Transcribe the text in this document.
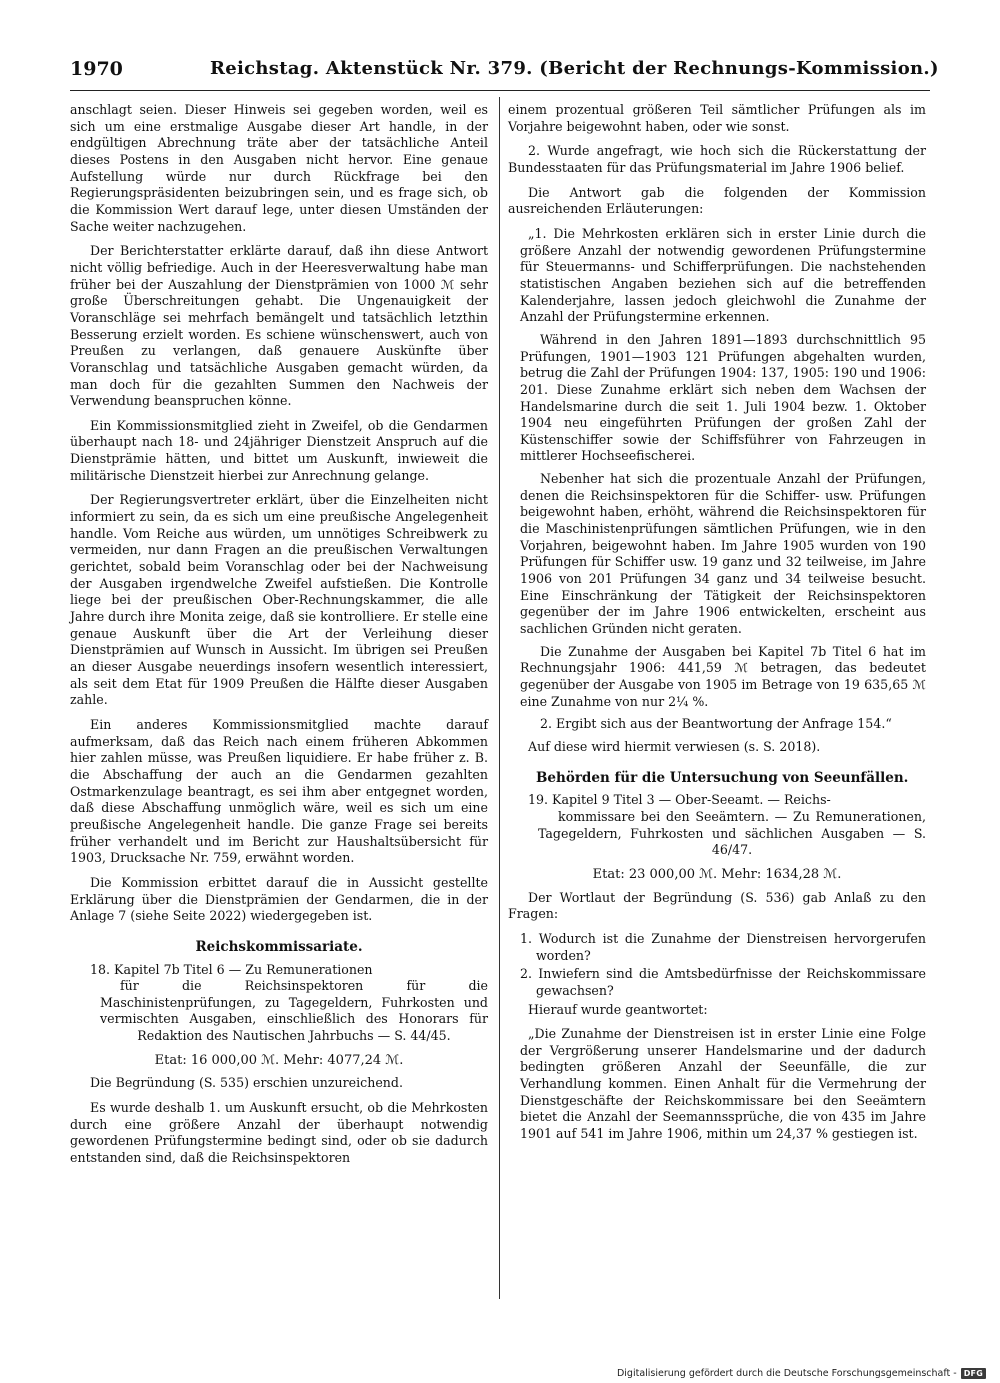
1970	Reichstag. Aktenstück Nr. 379. (Bericht der Rechnungs-Kommission.)

anschlagt seien. Dieser Hinweis sei gegeben worden, weil es sich um eine erstmalige Ausgabe dieser Art handle, in der endgültigen Abrechnung träte aber der tatsächliche Anteil dieses Postens in den Ausgaben nicht hervor. Eine genaue Aufstellung würde nur durch Rückfrage bei den Regierungspräsidenten beizubringen sein, und es frage sich, ob die Kommission Wert darauf lege, unter diesen Umständen der Sache weiter nachzugehen.

Der Berichterstatter erklärte darauf, daß ihn diese Antwort nicht völlig befriedige. Auch in der Heeresverwaltung habe man früher bei der Auszahlung der Dienstprämien von 1000 ℳ sehr große Überschreitungen gehabt. Die Ungenauigkeit der Voranschläge sei mehrfach bemängelt und tatsächlich letzthin Besserung erzielt worden. Es schiene wünschenswert, auch von Preußen zu verlangen, daß genauere Auskünfte über Voranschlag und tatsächliche Ausgaben gemacht würden, da man doch für die gezahlten Summen den Nachweis der Verwendung beanspruchen könne.

Ein Kommissionsmitglied zieht in Zweifel, ob die Gendarmen überhaupt nach 18- und 24jähriger Dienstzeit Anspruch auf die Dienstprämie hätten, und bittet um Auskunft, inwieweit die militärische Dienstzeit hierbei zur Anrechnung gelange.

Der Regierungsvertreter erklärt, über die Einzelheiten nicht informiert zu sein, da es sich um eine preußische Angelegenheit handle. Vom Reiche aus würden, um unnötiges Schreibwerk zu vermeiden, nur dann Fragen an die preußischen Verwaltungen gerichtet, sobald beim Voranschlag oder bei der Nachweisung der Ausgaben irgendwelche Zweifel aufstießen. Die Kontrolle liege bei der preußischen Ober-Rechnungskammer, die alle Jahre durch ihre Monita zeige, daß sie kontrolliere. Er stelle eine genaue Auskunft über die Art der Verleihung dieser Dienstprämien auf Wunsch in Aussicht. Im übrigen sei Preußen an dieser Ausgabe neuerdings insofern wesentlich interessiert, als seit dem Etat für 1909 Preußen die Hälfte dieser Ausgaben zahle.

Ein anderes Kommissionsmitglied machte darauf aufmerksam, daß das Reich nach einem früheren Abkommen hier zahlen müsse, was Preußen liquidiere. Er habe früher z. B. die Abschaffung der auch an die Gendarmen gezahlten Ostmarkenzulage beantragt, es sei ihm aber entgegnet worden, daß diese Abschaffung unmöglich wäre, weil es sich um eine preußische Angelegenheit handle. Die ganze Frage sei bereits früher verhandelt und im Bericht zur Haushaltsübersicht für 1903, Drucksache Nr. 759, erwähnt worden.

Die Kommission erbittet darauf die in Aussicht gestellte Erklärung über die Dienstprämien der Gendarmen, die in der Anlage 7 (siehe Seite 2022) wiedergegeben ist.

Reichskommissariate.

18. Kapitel 7b Titel 6 — Zu Remunerationen
für die Reichsinspektoren für die Maschinistenprüfungen, zu Tagegeldern, Fuhrkosten und vermischten Ausgaben, einschließlich des Honorars für Redaktion des Nautischen Jahrbuchs — S. 44/45.

Etat: 16 000,00 ℳ. Mehr: 4077,24 ℳ.

Die Begründung (S. 535) erschien unzureichend.

Es wurde deshalb 1. um Auskunft ersucht, ob die Mehrkosten durch eine größere Anzahl der überhaupt notwendig gewordenen Prüfungstermine bedingt sind, oder ob sie dadurch entstanden sind, daß die Reichsinspektoren

einem prozentual größeren Teil sämtlicher Prüfungen als im Vorjahre beigewohnt haben, oder wie sonst.

2. Wurde angefragt, wie hoch sich die Rückerstattung der Bundesstaaten für das Prüfungsmaterial im Jahre 1906 belief.

Die Antwort gab die folgenden der Kommission ausreichenden Erläuterungen:

„1. Die Mehrkosten erklären sich in erster Linie durch die größere Anzahl der notwendig gewordenen Prüfungstermine für Steuermanns- und Schifferprüfungen. Die nachstehenden statistischen Angaben beziehen sich auf die betreffenden Kalenderjahre, lassen jedoch gleichwohl die Zunahme der Anzahl der Prüfungstermine erkennen.

Während in den Jahren 1891—1893 durchschnittlich 95 Prüfungen, 1901—1903 121 Prüfungen abgehalten wurden, betrug die Zahl der Prüfungen 1904: 137, 1905: 190 und 1906: 201. Diese Zunahme erklärt sich neben dem Wachsen der Handelsmarine durch die seit 1. Juli 1904 bezw. 1. Oktober 1904 neu eingeführten Prüfungen der großen Zahl der Küstenschiffer sowie der Schiffsführer von Fahrzeugen in mittlerer Hochseefischerei.

Nebenher hat sich die prozentuale Anzahl der Prüfungen, denen die Reichsinspektoren für die Schiffer- usw. Prüfungen beigewohnt haben, erhöht, während die Reichsinspektoren für die Maschinistenprüfungen sämtlichen Prüfungen, wie in den Vorjahren, beigewohnt haben. Im Jahre 1905 wurden von 190 Prüfungen für Schiffer usw. 19 ganz und 32 teilweise, im Jahre 1906 von 201 Prüfungen 34 ganz und 34 teilweise besucht. Eine Einschränkung der Tätigkeit der Reichsinspektoren gegenüber der im Jahre 1906 entwickelten, erscheint aus sachlichen Gründen nicht geraten.

Die Zunahme der Ausgaben bei Kapitel 7b Titel 6 hat im Rechnungsjahr 1906: 441,59 ℳ betragen, das bedeutet gegenüber der Ausgabe von 1905 im Betrage von 19 635,65 ℳ eine Zunahme von nur 2¼ %.

2. Ergibt sich aus der Beantwortung der Anfrage 154.“

Auf diese wird hiermit verwiesen (s. S. 2018).

Behörden für die Untersuchung von Seeunfällen.

19. Kapitel 9 Titel 3 — Ober-Seeamt. — Reichs-
kommissare bei den Seeämtern. — Zu Remunerationen, Tagegeldern, Fuhrkosten und sächlichen Ausgaben — S. 46/47.

Etat: 23 000,00 ℳ. Mehr: 1634,28 ℳ.

Der Wortlaut der Begründung (S. 536) gab Anlaß zu den Fragen:

1. Wodurch ist die Zunahme der Dienstreisen hervorgerufen worden?

2. Inwiefern sind die Amtsbedürfnisse der Reichskommissare gewachsen?

Hierauf wurde geantwortet:

„Die Zunahme der Dienstreisen ist in erster Linie eine Folge der Vergrößerung unserer Handelsmarine und der dadurch bedingten größeren Anzahl der Seeunfälle, die zur Verhandlung kommen. Einen Anhalt für die Vermehrung der Dienstgeschäfte der Reichskommissare bei den Seeämtern bietet die Anzahl der Seemannssprüche, die von 435 im Jahre 1901 auf 541 im Jahre 1906, mithin um 24,37 % gestiegen ist.

Digitalisierung gefördert durch die Deutsche Forschungsgemeinschaft - DFG
